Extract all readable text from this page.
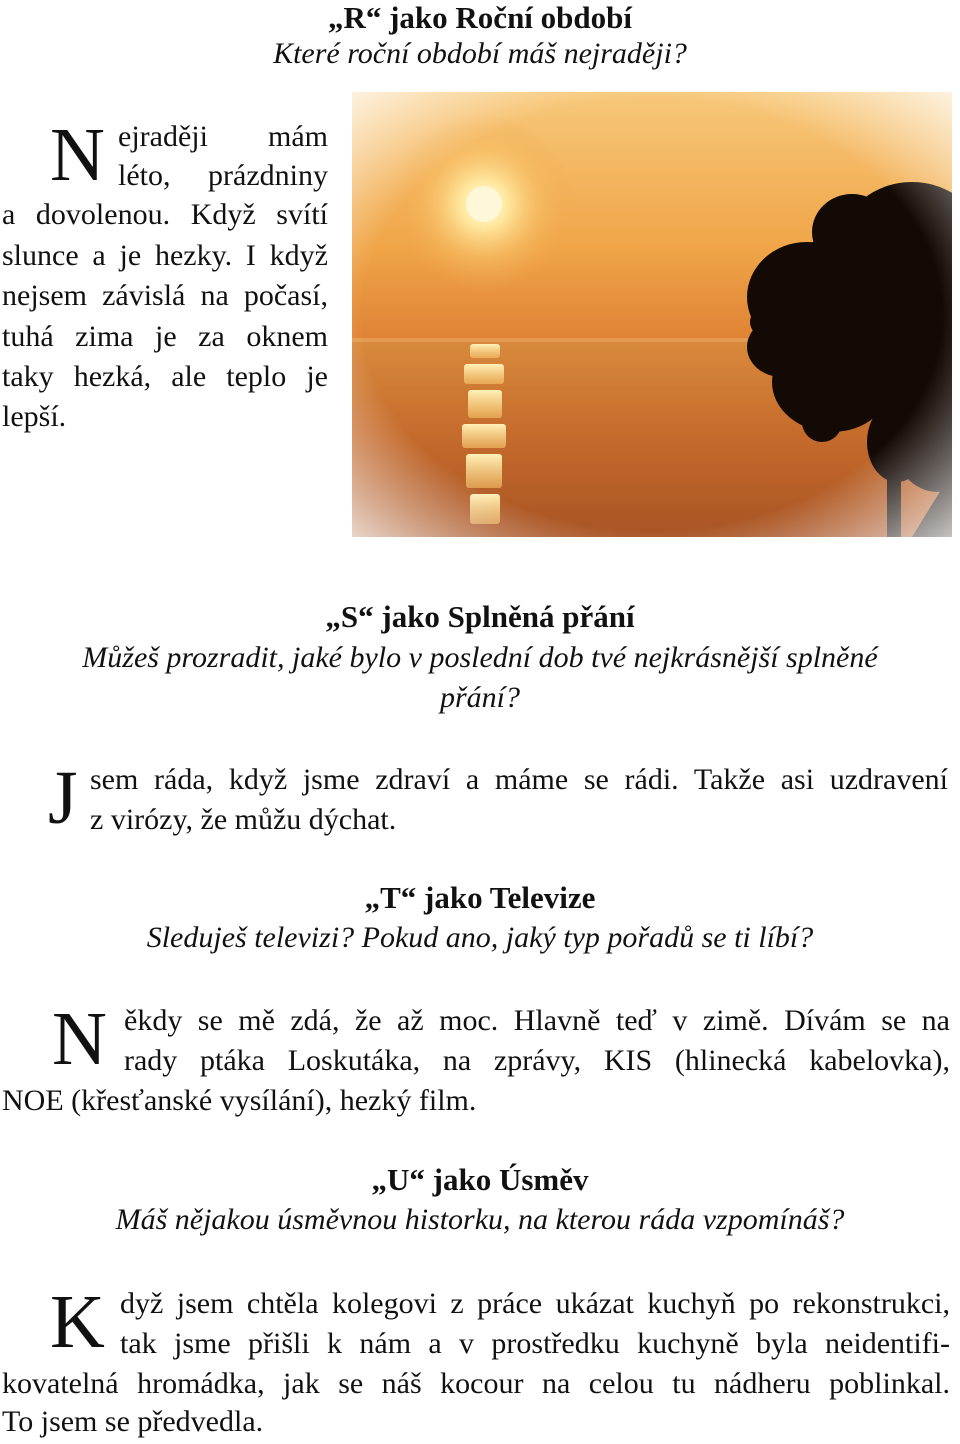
„R“ jako Roční období
Které roční období máš nejraději?
N ejraději mám
léto, prázdniny
a dovolenou. Když svítí
slunce a je hezky. I když
nejsem závislá na počasí,
tuhá zima je za oknem
taky hezká, ale teplo je
lepší.
„S“ jako Splněná přání
Můžeš prozradit, jaké bylo v poslední dob tvé nejkrásnější splněné
přání?
J sem ráda, když jsme zdraví a máme se rádi. Takže asi uzdravení
z virózy, že můžu dýchat.
„T“ jako Televize
Sleduješ televizi? Pokud ano, jaký typ pořadů se ti líbí?
N ěkdy se mě zdá, že až moc. Hlavně teď v zimě. Dívám se na
rady ptáka Loskutáka, na zprávy, KIS (hlinecká kabelovka),
NOE (křesťanské vysílání), hezký film.
„U“ jako Úsměv
Máš nějakou úsměvnou historku, na kterou ráda vzpomínáš?
K dyž jsem chtěla kolegovi z práce ukázat kuchyň po rekonstrukci,
tak jsme přišli k nám a v prostředku kuchyně byla neidentifi-
kovatelná hromádka, jak se náš kocour na celou tu nádheru poblinkal.
To jsem se předvedla.
